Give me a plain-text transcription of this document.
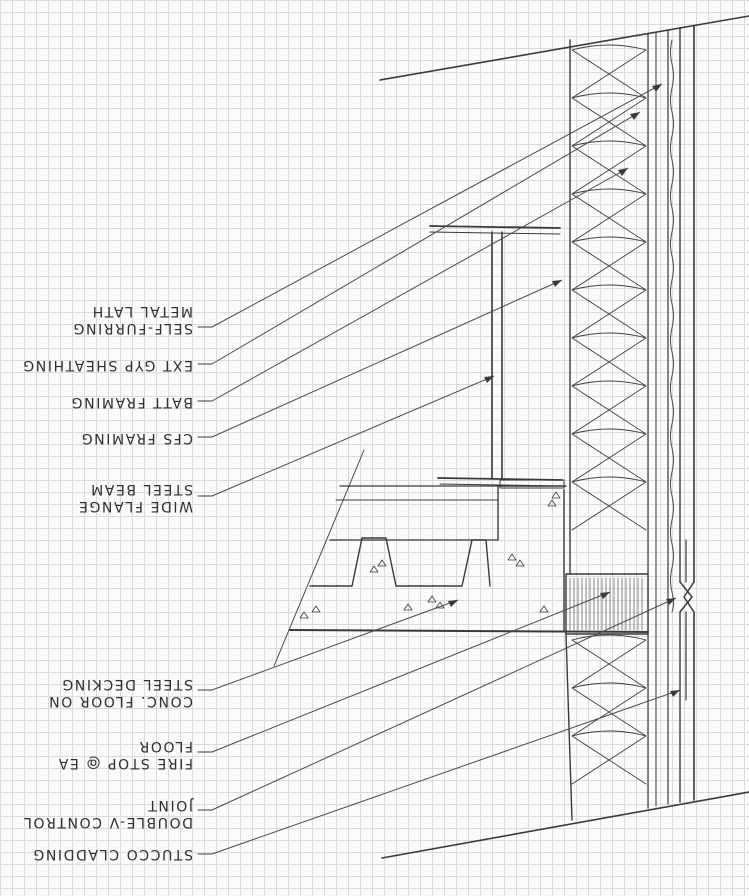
STUCCO CLADDING
DOUBLE-V CONTROL
JOINT
FIRE STOP @ EA
FLOOR
CONC. FLOOR ON
STEEL DECKING
WIDE FLANGE
STEEL BEAM
CFS FRAMING
BATT FRAMING
EXT GYP SHEATHING
SELF-FURRING
METAL LATH
